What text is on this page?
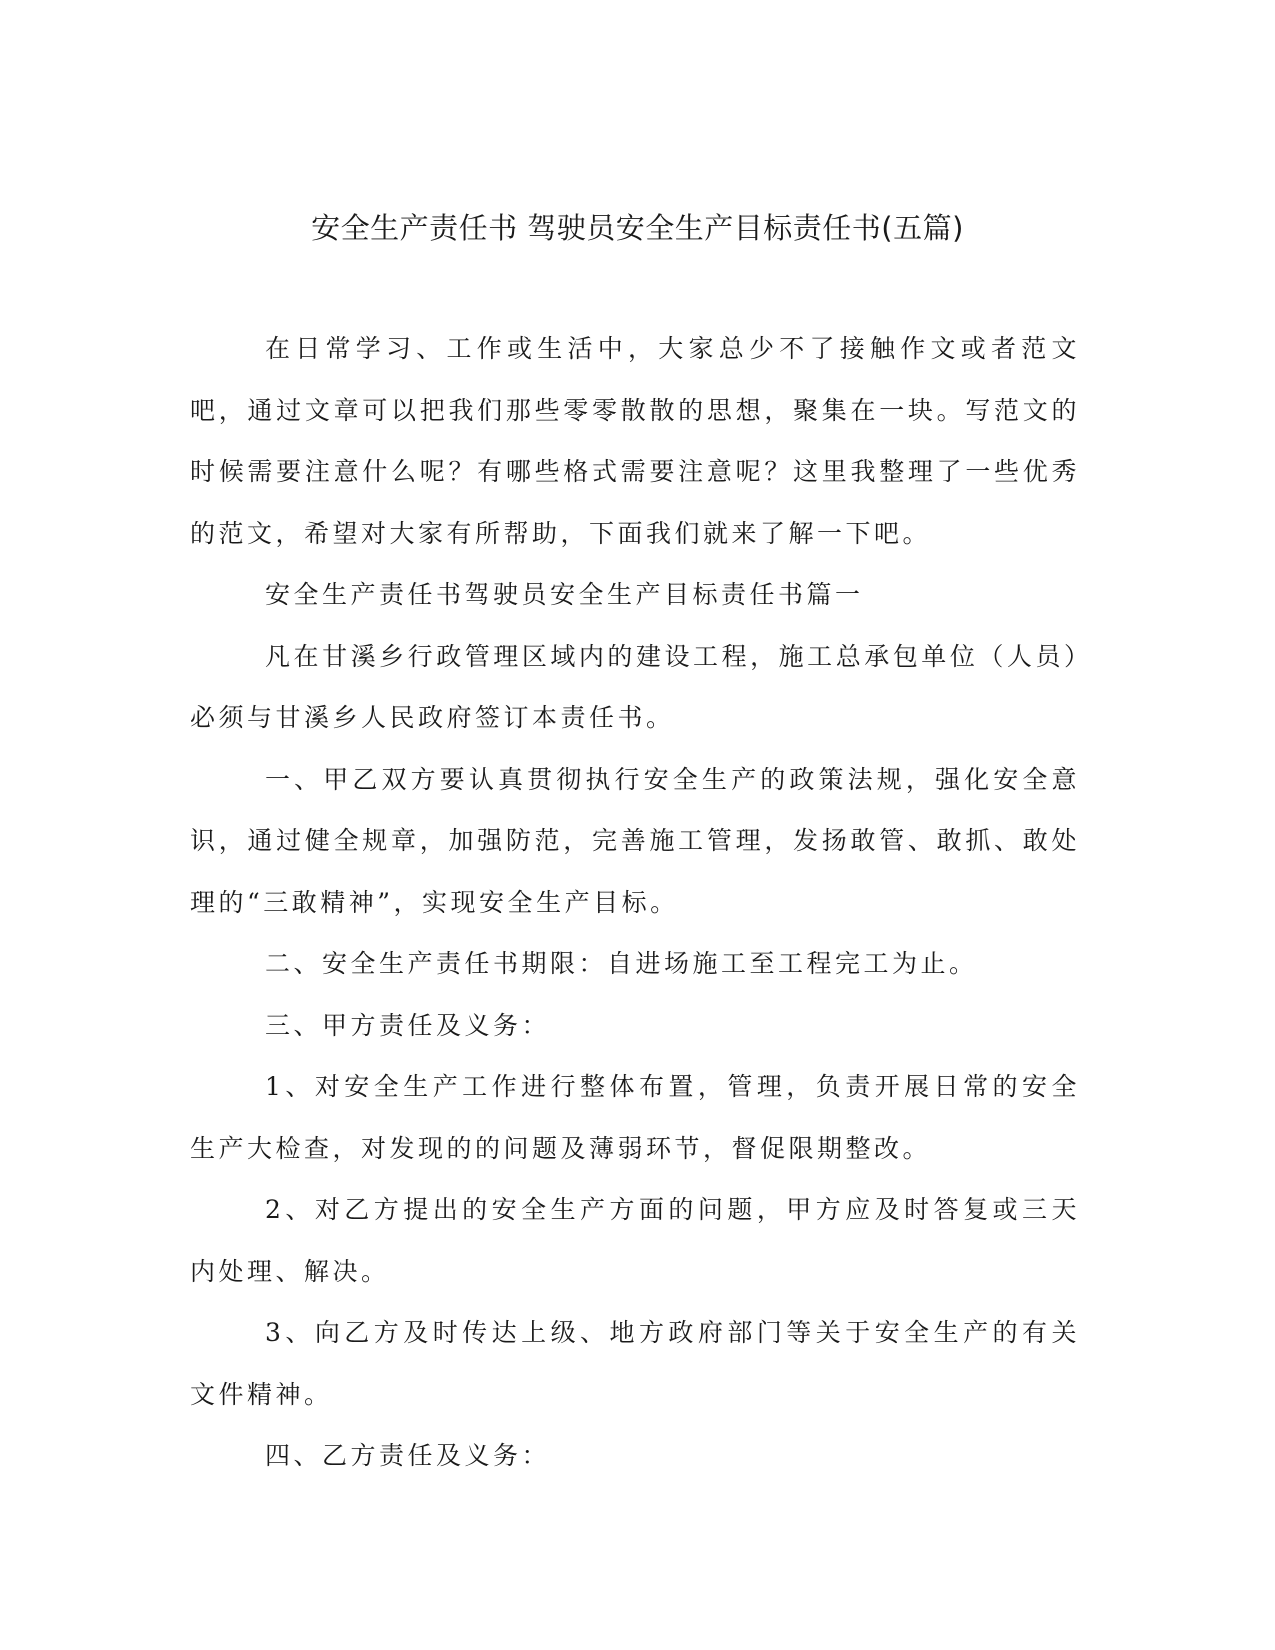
安全生产责任书 驾驶员安全生产目标责任书(五篇)

在日常学习、工作或生活中，大家总少不了接触作文或者范文吧，通过文章可以把我们那些零零散散的思想，聚集在一块。写范文的时候需要注意什么呢？有哪些格式需要注意呢？这里我整理了一些优秀的范文，希望对大家有所帮助，下面我们就来了解一下吧。

安全生产责任书驾驶员安全生产目标责任书篇一

凡在甘溪乡行政管理区域内的建设工程，施工总承包单位（人员）必须与甘溪乡人民政府签订本责任书。

一、甲乙双方要认真贯彻执行安全生产的政策法规，强化安全意识，通过健全规章，加强防范，完善施工管理，发扬敢管、敢抓、敢处理的“三敢精神”，实现安全生产目标。

二、安全生产责任书期限：自进场施工至工程完工为止。

三、甲方责任及义务：

1、对安全生产工作进行整体布置，管理，负责开展日常的安全生产大检查，对发现的的问题及薄弱环节，督促限期整改。

2、对乙方提出的安全生产方面的问题，甲方应及时答复或三天内处理、解决。

3、向乙方及时传达上级、地方政府部门等关于安全生产的有关文件精神。

四、乙方责任及义务：
